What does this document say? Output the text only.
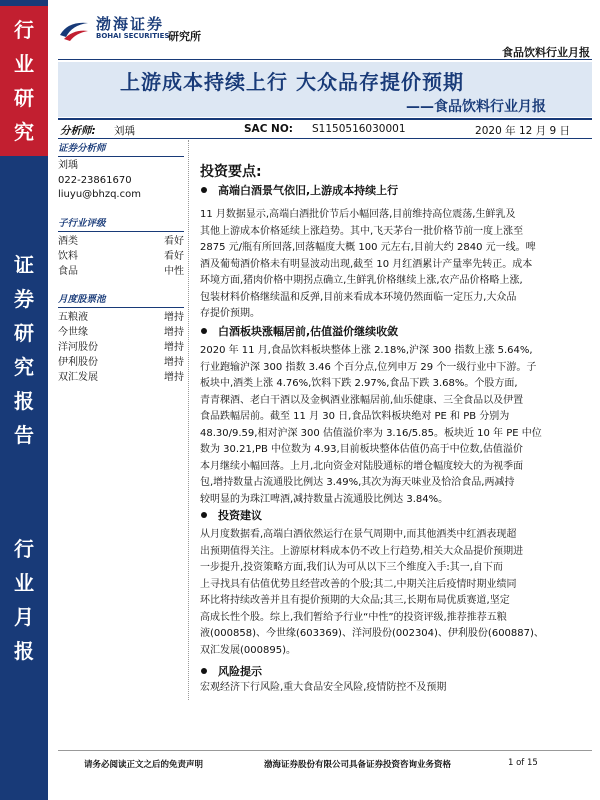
行
业
研
究
证
券
研
究
报
告
行
业
月
报
渤海证券
BOHAI SECURITIES
研究所
食品饮料行业月报
上游成本持续上行 大众品存提价预期
——食品饮料行业月报
分析师: 刘瑀	SAC NO: S1150516030001	2020 年 12 月 9 日
证券分析师
刘瑀
022-23861670
liuyu@bhzq.com
子行业评级
酒类	看好
饮料	看好
食品	中性
月度股票池
五粮液	增持
今世缘	增持
洋河股份	增持
伊利股份	增持
双汇发展	增持
投资要点:
高端白酒景气依旧,上游成本持续上行
11 月数据显示,高端白酒批价节后小幅回落,目前维持高位震荡,生鲜乳及
其他上游成本价格延续上涨趋势。其中,飞天茅台一批价格节前一度上涨至
2875 元/瓶有所回落,回落幅度大概 100 元左右,目前大约 2840 元一线。啤
酒及葡萄酒价格未有明显波动出现,截至 10 月红酒累计产量率先转正。成本
环境方面,猪肉价格中期拐点确立,生鲜乳价格继续上涨,农产品价格略上涨,
包装材料价格继续温和反弹,目前来看成本环境仍然面临一定压力,大众品
存提价预期。
白酒板块涨幅居前,估值溢价继续收敛
2020 年 11 月,食品饮料板块整体上涨 2.18%,沪深 300 指数上涨 5.64%,
行业跑输沪深 300 指数 3.46 个百分点,位列申万 29 个一级行业中下游。子
板块中,酒类上涨 4.76%,饮料下跌 2.97%,食品下跌 3.68%。个股方面,
青青稞酒、老白干酒以及金枫酒业涨幅居前,仙乐健康、三全食品以及伊置
食品跌幅居前。截至 11 月 30 日,食品饮料板块绝对 PE 和 PB 分别为
48.30/9.59,相对沪深 300 估值溢价率为 3.16/5.85。板块近 10 年 PE 中位
数为 30.21,PB 中位数为 4.93,目前板块整体估值仍高于中位数,估值溢价
本月继续小幅回落。上月,北向资金对陆股通标的增仓幅度较大的为视季面
包,增持数量占流通股比例达 3.49%,其次为海天味业及恰洽食品,两减持
较明显的为珠江啤酒,减持数量占流通股比例达 3.84%。
投资建议
从月度数据看,高端白酒依然运行在景气周期中,而其他酒类中红酒表现超
出预期值得关注。上游原材料成本仍不改上行趋势,相关大众品提价预期进
一步提升,投资策略方面,我们认为可从以下三个维度入手:其一,自下而
上寻找具有估值优势且经营改善的个股;其二,中期关注后疫情时期业绩同
环比将持续改善并且有提价预期的大众品;其三,长期布局优质赛道,坚定
高成长性个股。综上,我们暂给予行业“中性”的投资评级,推荐推荐五粮
液(000858)、今世缘(603369)、洋河股份(002304)、伊利股份(600887)、
双汇发展(000895)。
风险提示
宏观经济下行风险,重大食品安全风险,疫情防控不及预期
请务必阅读正文之后的免责声明	渤海证券股份有限公司具备证券投资咨询业务资格	1 of 15
